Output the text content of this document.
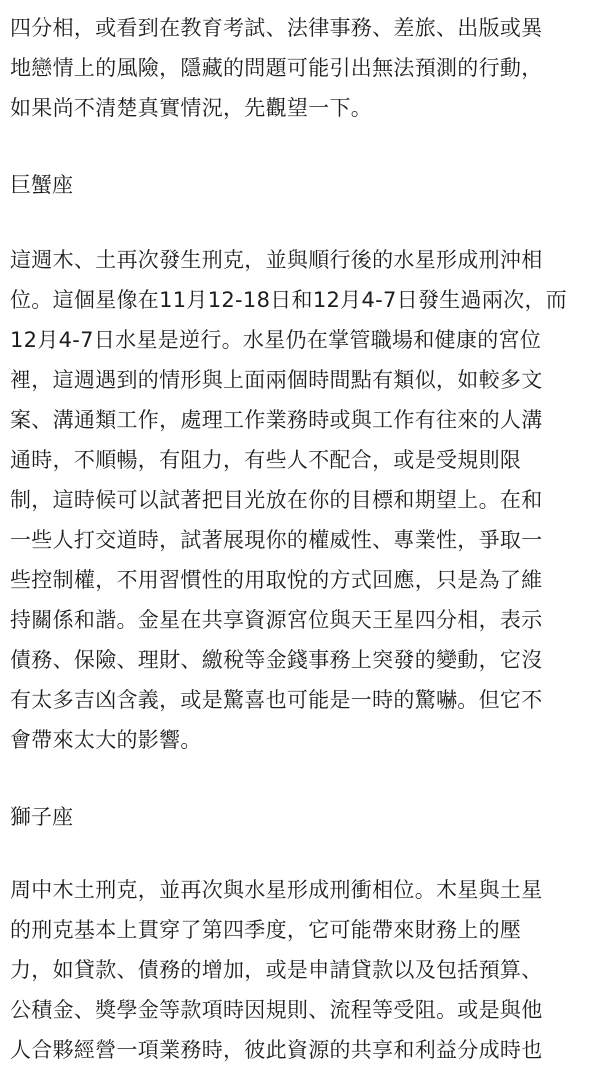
四分相，或看到在教育考試、法律事務、差旅、出版或異
地戀情上的風險，隱藏的問題可能引出無法預測的行動，
如果尚不清楚真實情況，先觀望一下。
巨蟹座
這週木、土再次發生刑克，並與順行後的水星形成刑沖相
位。這個星像在11月12-18日和12月4-7日發生過兩次，而
12月4-7日水星是逆行。水星仍在掌管職場和健康的宮位
裡，這週遇到的情形與上面兩個時間點有類似，如較多文
案、溝通類工作，處理工作業務時或與工作有往來的人溝
通時，不順暢，有阻力，有些人不配合，或是受規則限
制，這時候可以試著把目光放在你的目標和期望上。在和
一些人打交道時，試著展現你的權威性、專業性，爭取一
些控制權，不用習慣性的用取悅的方式回應，只是為了維
持關係和諧。金星在共享資源宮位與天王星四分相，表示
債務、保險、理財、繳稅等金錢事務上突發的變動，它沒
有太多吉凶含義，或是驚喜也可能是一時的驚嚇。但它不
會帶來太大的影響。
獅子座
周中木土刑克，並再次與水星形成刑衝相位。木星與土星
的刑克基本上貫穿了第四季度，它可能帶來財務上的壓
力，如貸款、債務的增加，或是申請貸款以及包括預算、
公積金、獎學金等款項時因規則、流程等受阻。或是與他
人合夥經營一項業務時，彼此資源的共享和利益分成時也
